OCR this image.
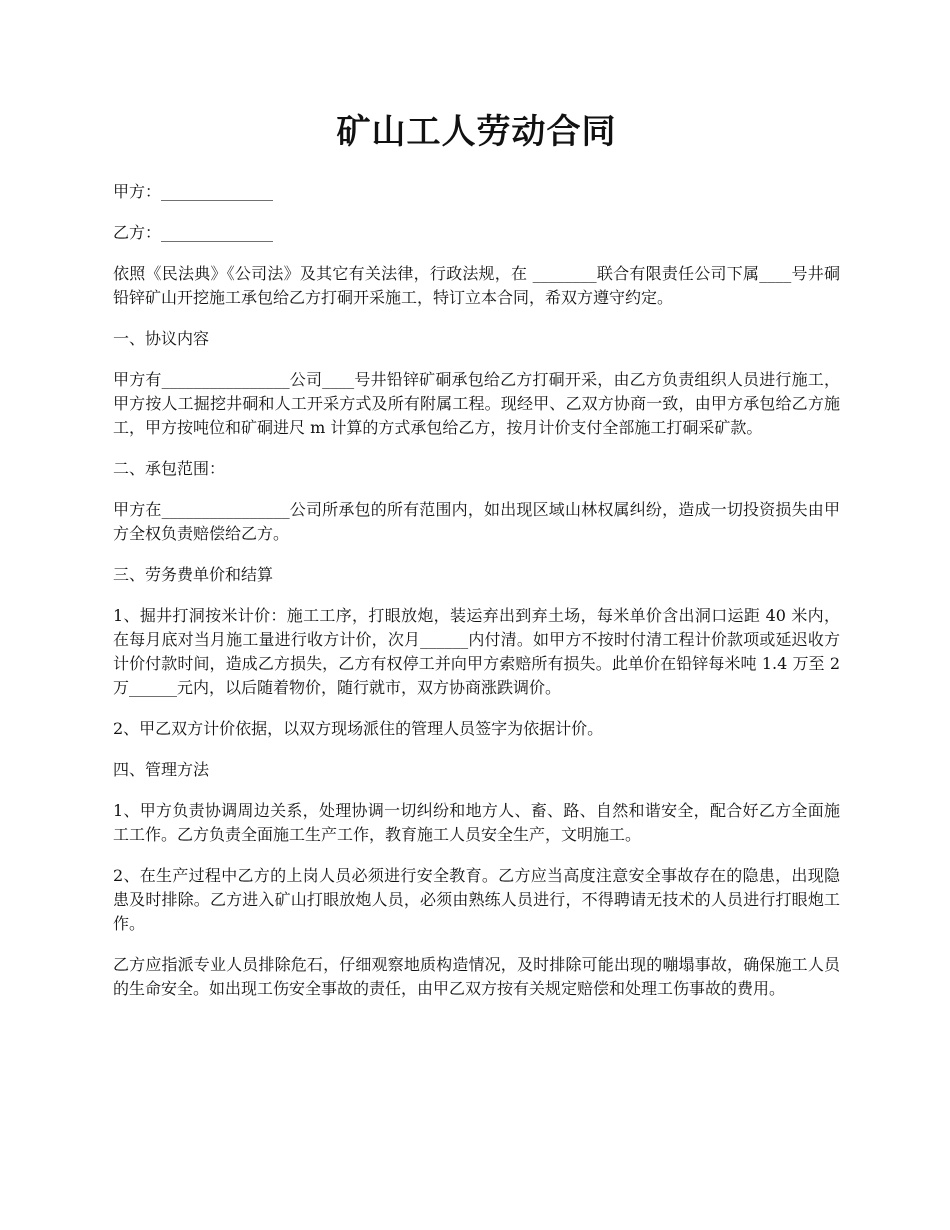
矿山工人劳动合同

甲方：______________

乙方：______________

依照《民法典》《公司法》及其它有关法律，行政法规，在 ________联合有限责任公司下属____号井硐铅锌矿山开挖施工承包给乙方打硐开采施工，特订立本合同，希双方遵守约定。

一、协议内容

甲方有________________公司____号井铅锌矿硐承包给乙方打硐开采，由乙方负责组织人员进行施工，甲方按人工掘挖井硐和人工开采方式及所有附属工程。现经甲、乙双方协商一致，由甲方承包给乙方施工，甲方按吨位和矿硐进尺 m 计算的方式承包给乙方，按月计价支付全部施工打硐采矿款。

二、承包范围：

甲方在________________公司所承包的所有范围内，如出现区域山林权属纠纷，造成一切投资损失由甲方全权负责赔偿给乙方。

三、劳务费单价和结算

1、掘井打洞按米计价：施工工序，打眼放炮，装运弃出到弃土场，每米单价含出洞口运距 40 米内，在每月底对当月施工量进行收方计价，次月______内付清。如甲方不按时付清工程计价款项或延迟收方计价付款时间，造成乙方损失，乙方有权停工并向甲方索赔所有损失。此单价在铅锌每米吨 1.4 万至 2 万______元内，以后随着物价，随行就市，双方协商涨跌调价。

2、甲乙双方计价依据，以双方现场派住的管理人员签字为依据计价。

四、管理方法

1、甲方负责协调周边关系，处理协调一切纠纷和地方人、畜、路、自然和谐安全，配合好乙方全面施工工作。乙方负责全面施工生产工作，教育施工人员安全生产，文明施工。

2、在生产过程中乙方的上岗人员必须进行安全教育。乙方应当高度注意安全事故存在的隐患，出现隐患及时排除。乙方进入矿山打眼放炮人员，必须由熟练人员进行，不得聘请无技术的人员进行打眼炮工作。

乙方应指派专业人员排除危石，仔细观察地质构造情况，及时排除可能出现的嘣塌事故，确保施工人员的生命安全。如出现工伤安全事故的责任，由甲乙双方按有关规定赔偿和处理工伤事故的费用。
